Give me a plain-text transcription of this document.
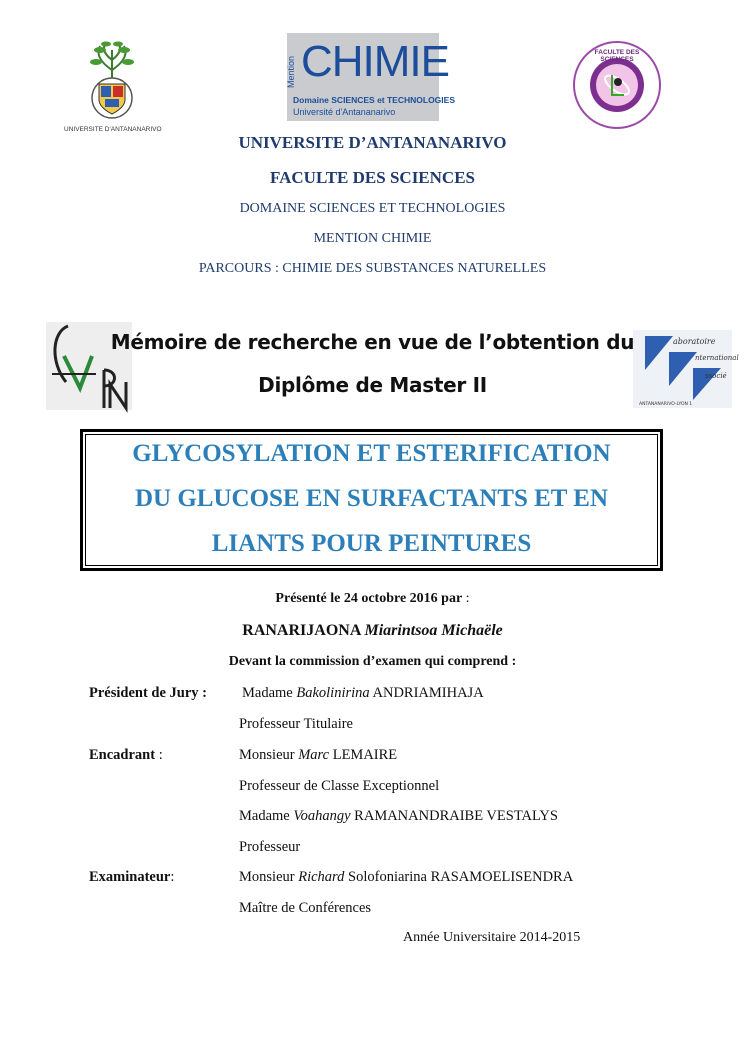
UNIVERSITE D'ANTANANARIVO
Mention CHIMIE
Domaine SCIENCES et TECHNOLOGIES
Université d'Antananarivo
FACULTE DES SCIENCES
UNIVERSITE D’ANTANANARIVO
FACULTE DES SCIENCES
DOMAINE SCIENCES ET TECHNOLOGIES
MENTION CHIMIE
PARCOURS : CHIMIE DES SUBSTANCES NATURELLES
aboratoire
nternational
ssocié
ANTANANARIVO-LYON 1
Mémoire de recherche en vue de l’obtention du
Diplôme de Master II
GLYCOSYLATION ET ESTERIFICATION
DU GLUCOSE EN SURFACTANTS ET EN
LIANTS POUR PEINTURES
Présenté le 24 octobre 2016 par :
RANARIJAONA Miarintsoa Michaële
Devant la commission d’examen qui comprend :
Président de Jury : Madame Bakolinirina ANDRIAMIHAJA
Professeur Titulaire
Encadrant :	Monsieur Marc LEMAIRE
Professeur de Classe Exceptionnel
Madame Voahangy RAMANANDRAIBE VESTALYS
Professeur
Examinateur:	Monsieur Richard Solofoniarina RASAMOELISENDRA
Maître de Conférences
Année Universitaire 2014-2015
